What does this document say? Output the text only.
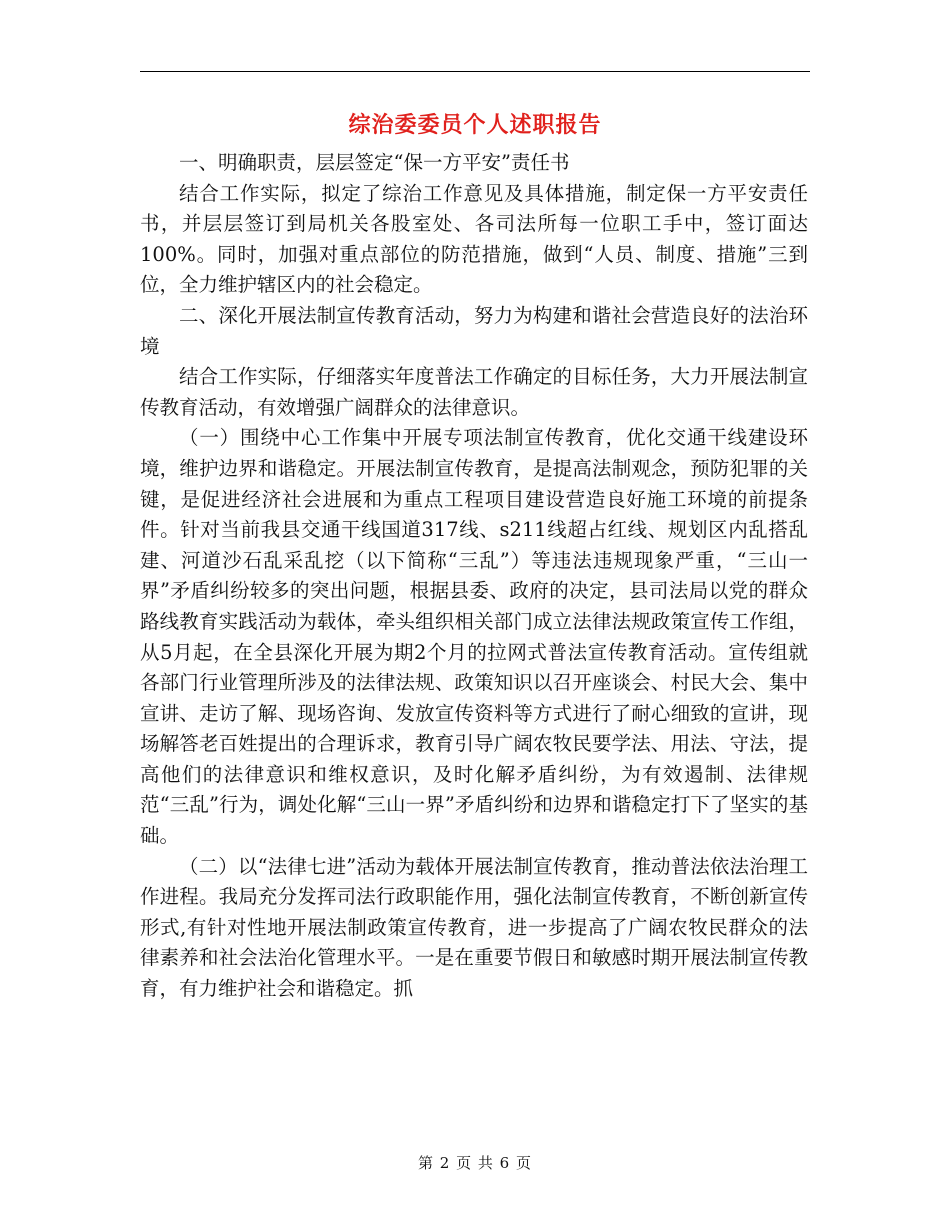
综治委委员个人述职报告

一、明确职责，层层签定“保一方平安”责任书

结合工作实际，拟定了综治工作意见及具体措施，制定保一方平安责任书，并层层签订到局机关各股室处、各司法所每一位职工手中，签订面达100%。同时，加强对重点部位的防范措施，做到“人员、制度、措施”三到位，全力维护辖区内的社会稳定。

二、深化开展法制宣传教育活动，努力为构建和谐社会营造良好的法治环境

结合工作实际，仔细落实年度普法工作确定的目标任务，大力开展法制宣传教育活动，有效增强广阔群众的法律意识。

（一）围绕中心工作集中开展专项法制宣传教育，优化交通干线建设环境，维护边界和谐稳定。开展法制宣传教育，是提高法制观念，预防犯罪的关键，是促进经济社会进展和为重点工程项目建设营造良好施工环境的前提条件。针对当前我县交通干线国道317线、s211线超占红线、规划区内乱搭乱建、河道沙石乱采乱挖（以下简称“三乱”）等违法违规现象严重，“三山一界”矛盾纠纷较多的突出问题，根据县委、政府的决定，县司法局以党的群众路线教育实践活动为载体，牵头组织相关部门成立法律法规政策宣传工作组，从5月起，在全县深化开展为期2个月的拉网式普法宣传教育活动。宣传组就各部门行业管理所涉及的法律法规、政策知识以召开座谈会、村民大会、集中宣讲、走访了解、现场咨询、发放宣传资料等方式进行了耐心细致的宣讲，现场解答老百姓提出的合理诉求，教育引导广阔农牧民要学法、用法、守法，提高他们的法律意识和维权意识，及时化解矛盾纠纷，为有效遏制、法律规范“三乱”行为，调处化解“三山一界”矛盾纠纷和边界和谐稳定打下了坚实的基础。

（二）以“法律七进”活动为载体开展法制宣传教育，推动普法依法治理工作进程。我局充分发挥司法行政职能作用，强化法制宣传教育，不断创新宣传形式,有针对性地开展法制政策宣传教育，进一步提高了广阔农牧民群众的法律素养和社会法治化管理水平。一是在重要节假日和敏感时期开展法制宣传教育，有力维护社会和谐稳定。抓

第 2 页 共 6 页
